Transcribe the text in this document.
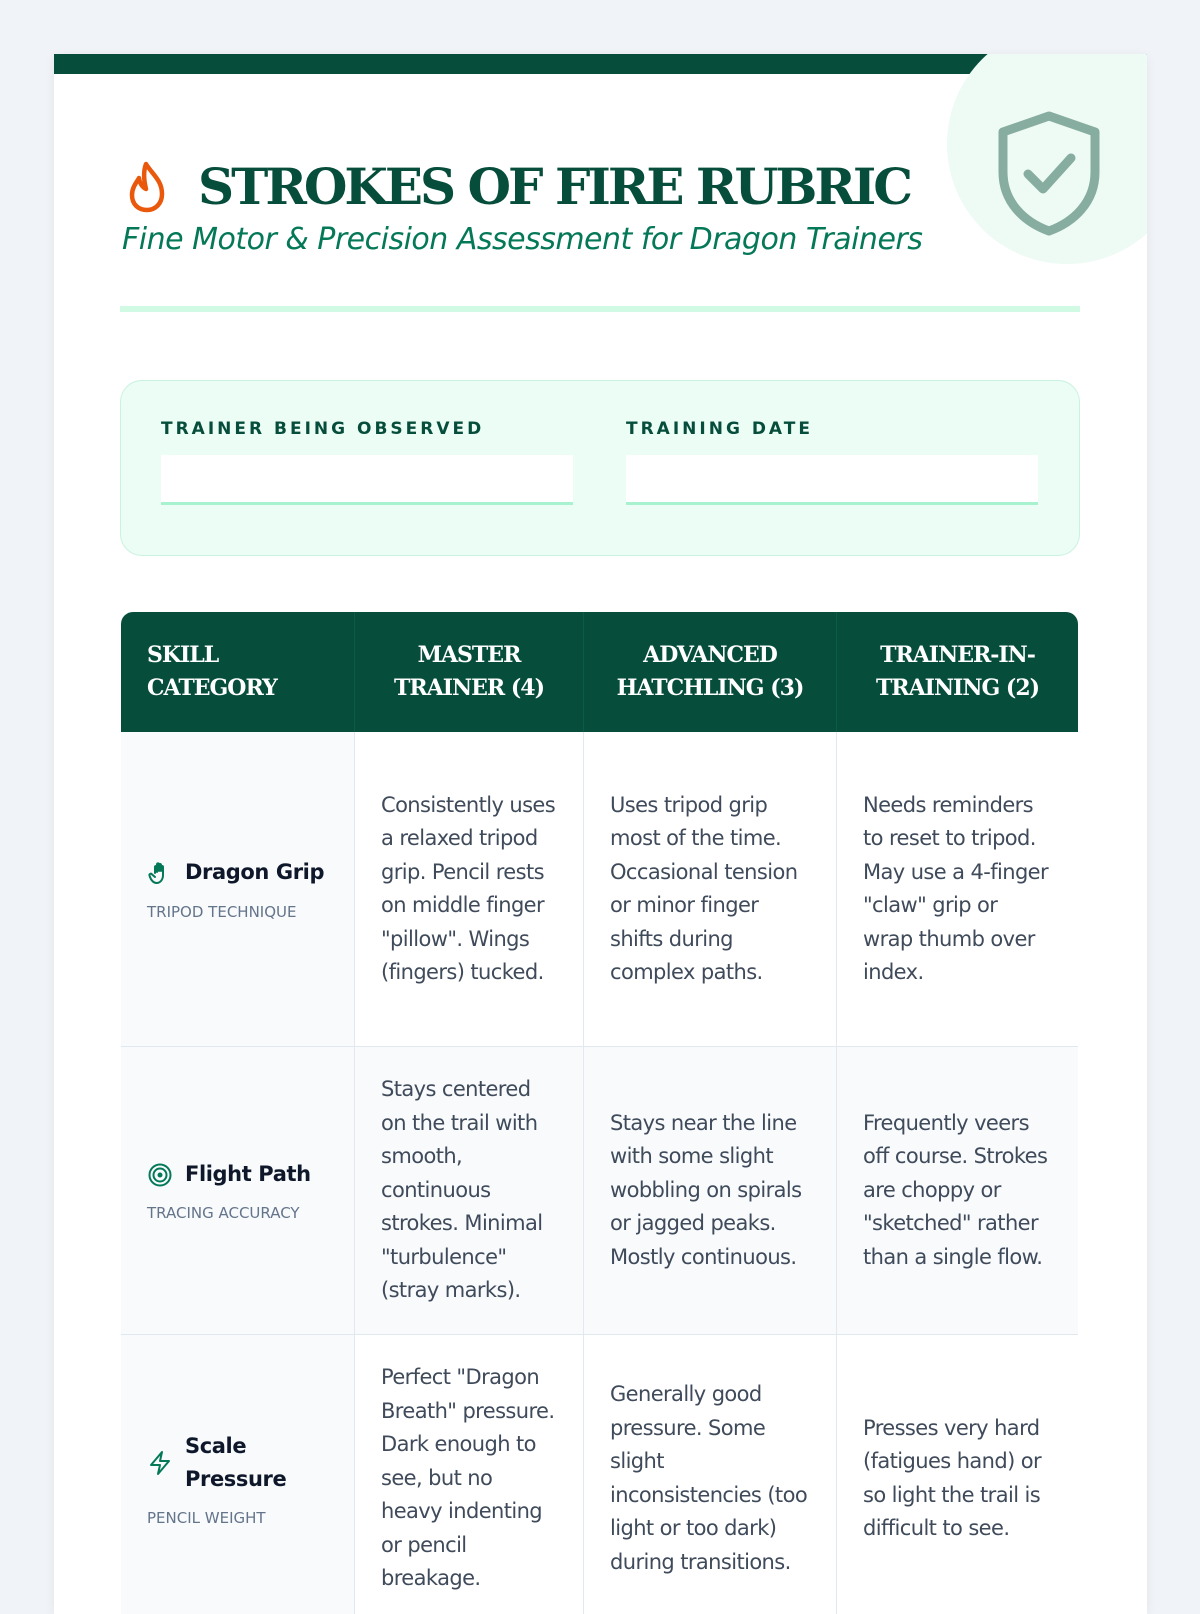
STROKES OF FIRE RUBRIC
Fine Motor & Precision Assessment for Dragon Trainers
TRAINER BEING OBSERVED	TRAINING DATE
SKILL CATEGORY	MASTER TRAINER (4)	ADVANCED HATCHLING (3)	TRAINER-IN-TRAINING (2)

Dragon Grip
TRIPOD TECHNIQUE	Consistently uses a relaxed tripod grip. Pencil rests on middle finger "pillow". Wings (fingers) tucked.	Uses tripod grip most of the time. Occasional tension or minor finger shifts during complex paths.	Needs reminders to reset to tripod. May use a 4-finger "claw" grip or wrap thumb over index.

Flight Path
TRACING ACCURACY	Stays centered on the trail with smooth, continuous strokes. Minimal "turbulence" (stray marks).	Stays near the line with some slight wobbling on spirals or jagged peaks. Mostly continuous.	Frequently veers off course. Strokes are choppy or "sketched" rather than a single flow.

Scale Pressure
PENCIL WEIGHT	Perfect "Dragon Breath" pressure. Dark enough to see, but no heavy indenting or pencil breakage.	Generally good pressure. Some slight inconsistencies (too light or too dark) during transitions.	Presses very hard (fatigues hand) or so light the trail is difficult to see.
